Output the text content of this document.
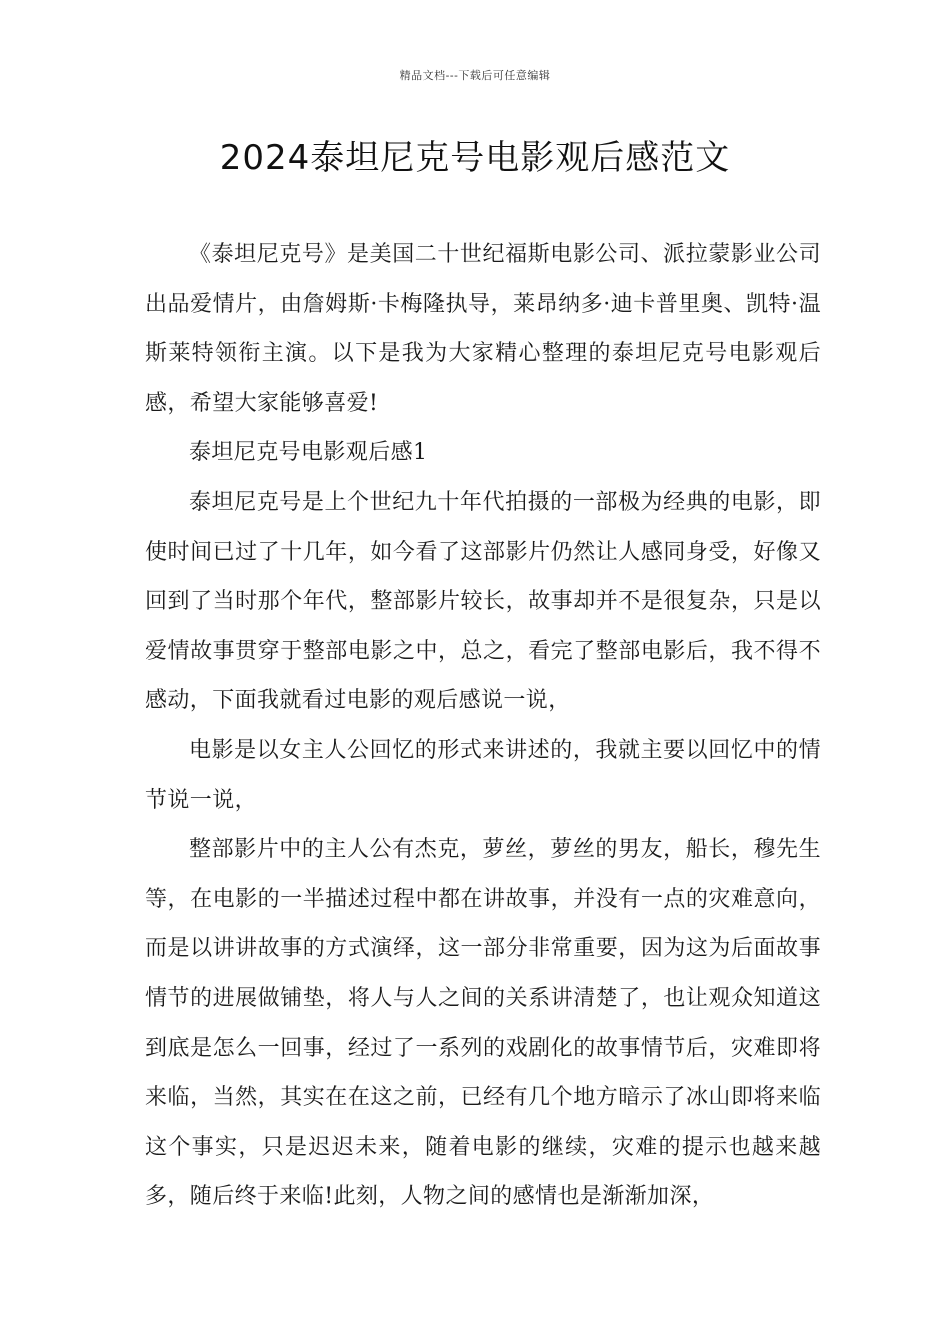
精品文档---下载后可任意编辑
2024泰坦尼克号电影观后感范文

《泰坦尼克号》是美国二十世纪福斯电影公司、派拉蒙影业公司出品爱情片，由詹姆斯·卡梅隆执导，莱昂纳多·迪卡普里奥、凯特·温斯莱特领衔主演。以下是我为大家精心整理的泰坦尼克号电影观后感，希望大家能够喜爱!

泰坦尼克号电影观后感1

泰坦尼克号是上个世纪九十年代拍摄的一部极为经典的电影，即使时间已过了十几年，如今看了这部影片仍然让人感同身受，好像又回到了当时那个年代，整部影片较长，故事却并不是很复杂，只是以爱情故事贯穿于整部电影之中，总之，看完了整部电影后，我不得不感动，下面我就看过电影的观后感说一说，

电影是以女主人公回忆的形式来讲述的，我就主要以回忆中的情节说一说，

整部影片中的主人公有杰克，萝丝，萝丝的男友，船长，穆先生等，在电影的一半描述过程中都在讲故事，并没有一点的灾难意向，而是以讲讲故事的方式演绎，这一部分非常重要，因为这为后面故事情节的进展做铺垫，将人与人之间的关系讲清楚了，也让观众知道这到底是怎么一回事，经过了一系列的戏剧化的故事情节后，灾难即将来临，当然，其实在在这之前，已经有几个地方暗示了冰山即将来临这个事实，只是迟迟未来，随着电影的继续，灾难的提示也越来越多，随后终于来临!此刻，人物之间的感情也是渐渐加深，
